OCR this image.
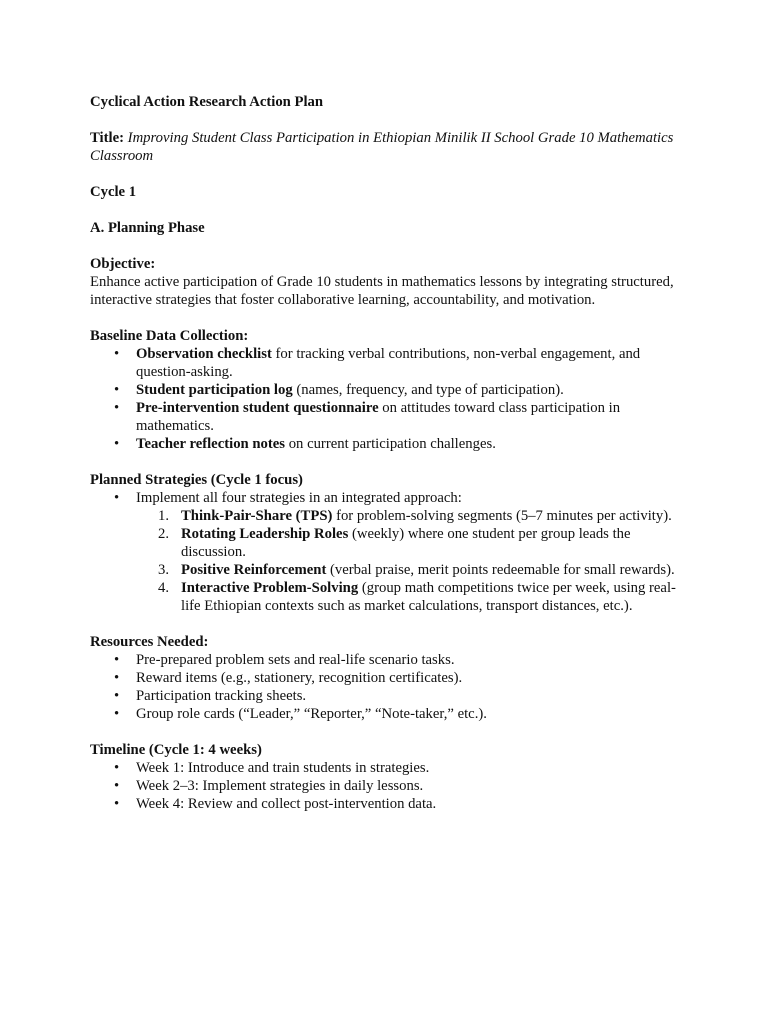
Cyclical Action Research Action Plan

Title: Improving Student Class Participation in Ethiopian Minilik II School Grade 10 Mathematics Classroom

Cycle 1

A. Planning Phase

Objective:

Enhance active participation of Grade 10 students in mathematics lessons by integrating structured, interactive strategies that foster collaborative learning, accountability, and motivation.

Baseline Data Collection:

• Observation checklist for tracking verbal contributions, non-verbal engagement, and question-asking.
• Student participation log (names, frequency, and type of participation).
• Pre-intervention student questionnaire on attitudes toward class participation in mathematics.
• Teacher reflection notes on current participation challenges.

Planned Strategies (Cycle 1 focus)

• Implement all four strategies in an integrated approach:
1. Think-Pair-Share (TPS) for problem-solving segments (5–7 minutes per activity).
2. Rotating Leadership Roles (weekly) where one student per group leads the discussion.
3. Positive Reinforcement (verbal praise, merit points redeemable for small rewards).
4. Interactive Problem-Solving (group math competitions twice per week, using real-life Ethiopian contexts such as market calculations, transport distances, etc.).

Resources Needed:

• Pre-prepared problem sets and real-life scenario tasks.
• Reward items (e.g., stationery, recognition certificates).
• Participation tracking sheets.
• Group role cards (“Leader,” “Reporter,” “Note-taker,” etc.).

Timeline (Cycle 1: 4 weeks)

• Week 1: Introduce and train students in strategies.
• Week 2–3: Implement strategies in daily lessons.
• Week 4: Review and collect post-intervention data.
